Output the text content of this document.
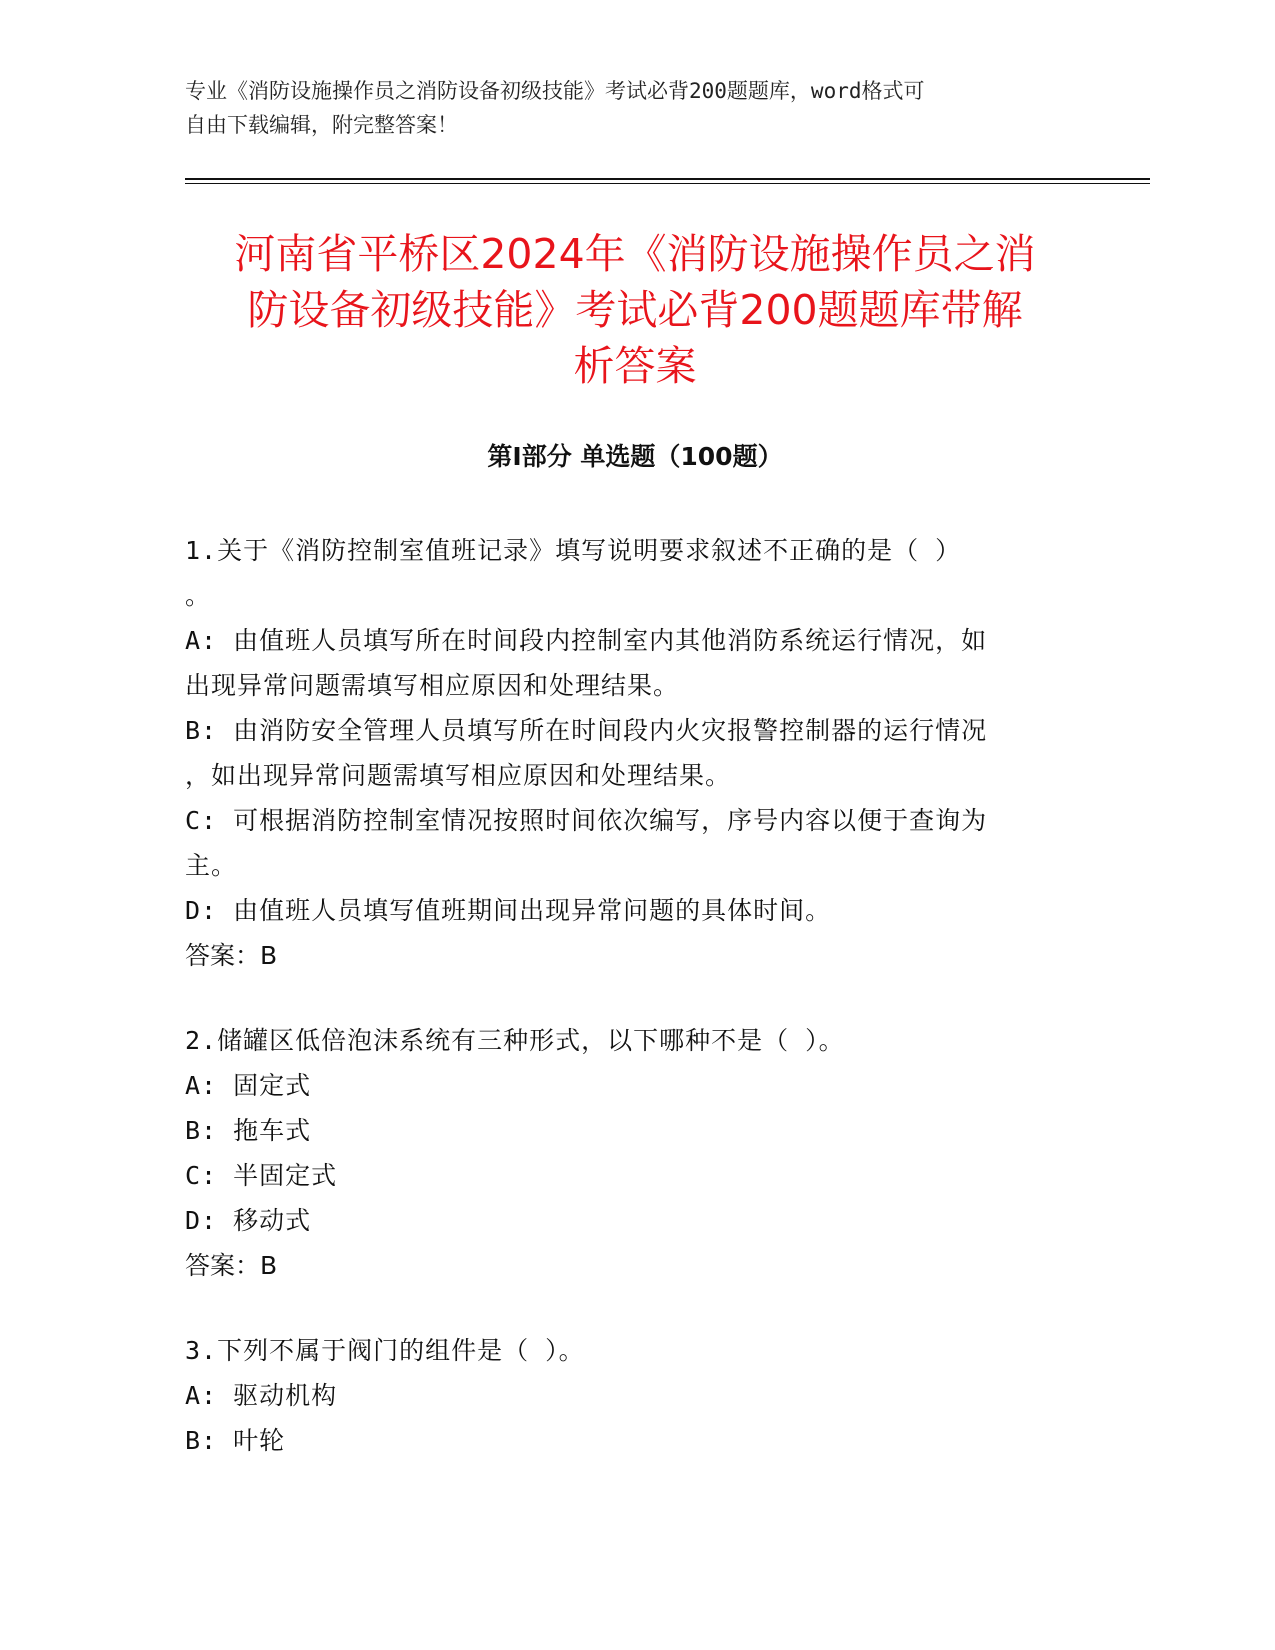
专业《消防设施操作员之消防设备初级技能》考试必背200题题库，word格式可
自由下载编辑，附完整答案！
河南省平桥区2024年《消防设施操作员之消
防设备初级技能》考试必背200题题库带解
析答案
第I部分 单选题（100题）

1.关于《消防控制室值班记录》填写说明要求叙述不正确的是（ ）

。

A: 由值班人员填写所在时间段内控制室内其他消防系统运行情况，如

出现异常问题需填写相应原因和处理结果。

B: 由消防安全管理人员填写所在时间段内火灾报警控制器的运行情况

，如出现异常问题需填写相应原因和处理结果。

C: 可根据消防控制室情况按照时间依次编写，序号内容以便于查询为

主。

D: 由值班人员填写值班期间出现异常问题的具体时间。

答案：B

2.储罐区低倍泡沫系统有三种形式，以下哪种不是（ ）。

A: 固定式

B: 拖车式

C: 半固定式

D: 移动式

答案：B

3.下列不属于阀门的组件是（ ）。

A: 驱动机构

B: 叶轮
